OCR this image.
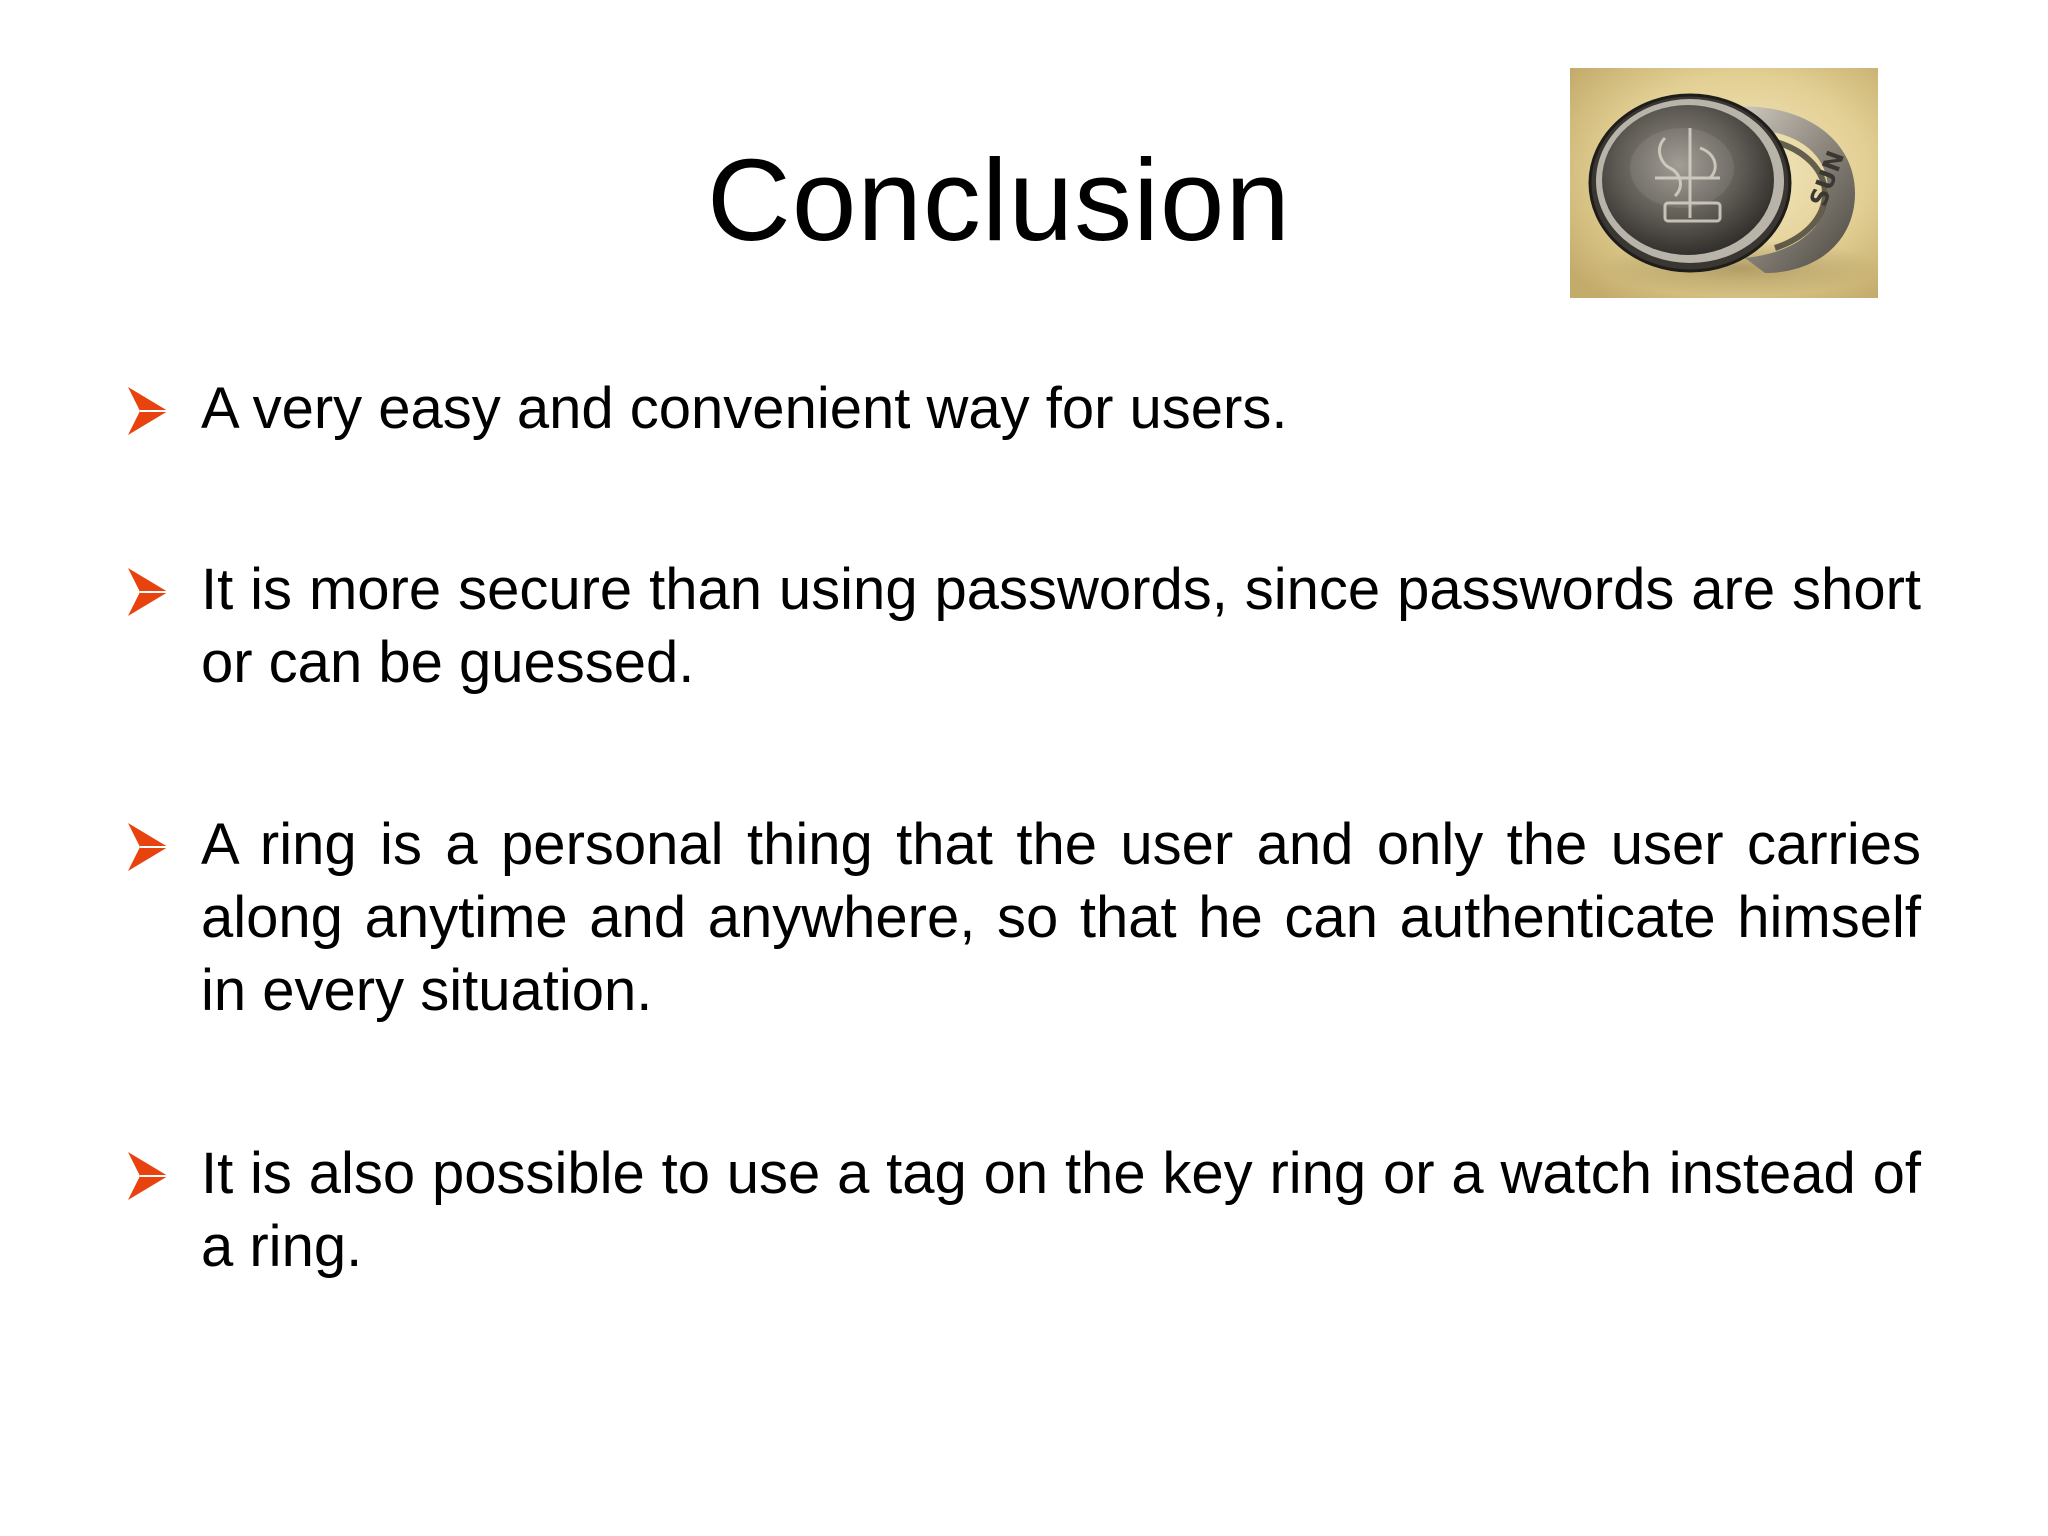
Conclusion	SUN

A very easy and convenient way for users.

It is more secure than using passwords, since passwords are short or can be guessed.

A ring is a personal thing that the user and only the user carries along anytime and anywhere, so that he can authenticate himself in every situation.

It is also possible to use a tag on the key ring or a watch instead of a ring.
